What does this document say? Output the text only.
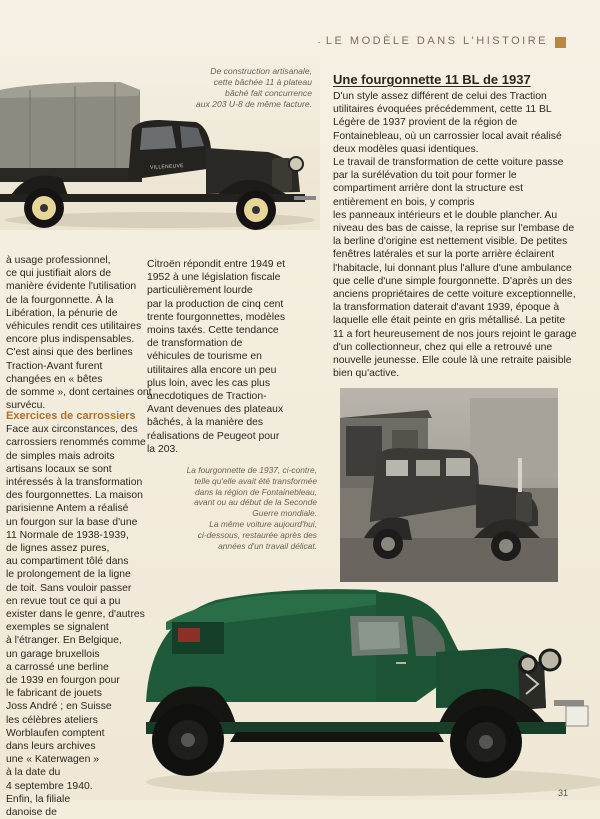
LE MODÈLE DANS L'HISTOIRE
VILLENEUVE
De construction artisanale,
cette bâchée 11 à plateau
bâché fait concurrence
aux 203 U-8 de même facture.
Une fourgonnette 11 BL de 1937
D'un style assez différent de celui des Traction
utilitaires évoquées précédemment, cette 11 BL
Légère de 1937 provient de la région de
Fontainebleau, où un carrossier local avait réalisé
deux modèles quasi identiques.
Le travail de transformation de cette voiture passe
par la surélévation du toit pour former le
compartiment arrière dont la structure est
entièrement en bois, y compris
les panneaux intérieurs et le double plancher. Au
niveau des bas de caisse, la reprise sur l'embase de
la berline d'origine est nettement visible. De petites
fenêtres latérales et sur la porte arrière éclairent
l'habitacle, lui donnant plus l'allure d'une ambulance
que celle d'une simple fourgonnette. D'après un des
anciens propriétaires de cette voiture exceptionnelle,
la transformation daterait d'avant 1939, époque à
laquelle elle était peinte en gris métallisé. La petite
11 a fort heureusement de nos jours rejoint le garage
d'un collectionneur, chez qui elle a retrouvé une
nouvelle jeunesse. Elle coule là une retraite paisible
bien qu'active.
à usage professionnel,
ce qui justifiait alors de
manière évidente l'utilisation
de la fourgonnette. À la
Libération, la pénurie de
véhicules rendit ces utilitaires
encore plus indispensables.
C'est ainsi que des berlines
Traction-Avant furent
changées en « bêtes
de somme », dont certaines ont
survécu.
Exercices de carrossiers
Face aux circonstances, des
carrossiers renommés comme
de simples mais adroits
artisans locaux se sont
intéressés à la transformation
des fourgonnettes. La maison
parisienne Antem a réalisé
un fourgon sur la base d'une
11 Normale de 1938-1939,
de lignes assez pures,
au compartiment tôlé dans
le prolongement de la ligne
de toit. Sans vouloir passer
en revue tout ce qui a pu
exister dans le genre, d'autres
exemples se signalent
à l'étranger. En Belgique,
un garage bruxellois
a carrossé une berline
de 1939 en fourgon pour
le fabricant de jouets
Joss André ; en Suisse
les célèbres ateliers
Worblaufen comptent
dans leurs archives
une « Katerwagen »
à la date du
4 septembre 1940.
Enfin, la filiale
danoise de
Citroën répondit entre 1949 et
1952 à une législation fiscale
particulièrement lourde
par la production de cinq cent
trente fourgonnettes, modèles
moins taxés. Cette tendance
de transformation de
véhicules de tourisme en
utilitaires alla encore un peu
plus loin, avec les cas plus
anecdotiques de Traction-
Avant devenues des plateaux
bâchés, à la manière des
réalisations de Peugeot pour
la 203.
La fourgonnette de 1937, ci-contre,
telle qu'elle avait été transformée
dans la région de Fontainebleau,
avant ou au début de la Seconde
Guerre mondiale.
La même voiture aujourd'hui,
ci-dessous, restaurée après des
années d'un travail délicat.
31
